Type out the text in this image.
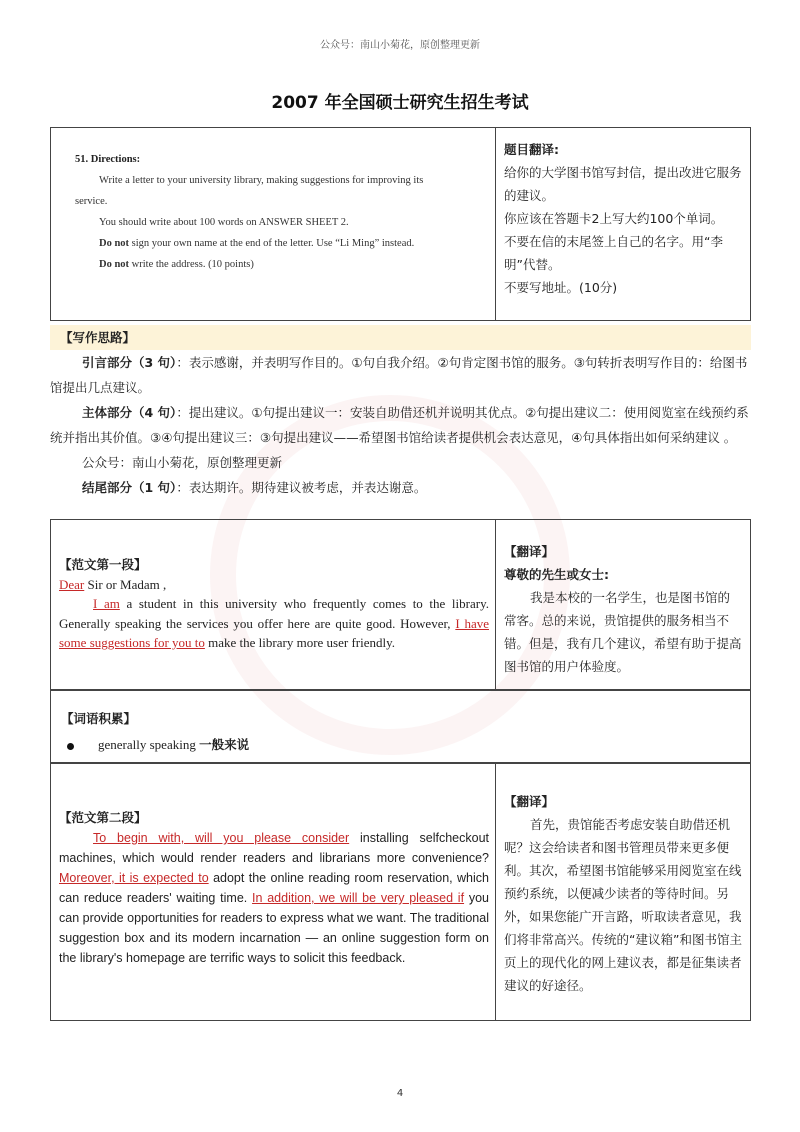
公众号：南山小菊花，原创整理更新
2007 年全国硕士研究生招生考试
51. Directions:
Write a letter to your university library, making suggestions for improving its
service.
You should write about 100 words on ANSWER SHEET 2.
Do not sign your own name at the end of the letter. Use “Li Ming” instead.
Do not write the address. (10 points)

题目翻译:
给你的大学图书馆写封信，提出改进它服务的建议。
你应该在答题卡2上写大约100个单词。
不要在信的末尾签上自己的名字。用“李明”代替。
不要写地址。(10分)
【写作思路】

引言部分（3 句）：表示感谢，并表明写作目的。①句自我介绍。②句肯定图书馆的服务。③句转折表明写作目的：给图书馆提出几点建议。

主体部分（4 句）：提出建议。①句提出建议一：安装自助借还机并说明其优点。②句提出建议二：使用阅览室在线预约系统并指出其价值。③④句提出建议三：③句提出建议——希望图书馆给读者提供机会表达意见，④句具体指出如何采纳建议 。

公众号：南山小菊花，原创整理更新

结尾部分（1 句）：表达期许。期待建议被考虑，并表达谢意。

【范文第一段】
Dear Sir or Madam ,

I am a student in this university who frequently comes to the library. Generally speaking the services you offer here are quite good. However, I have some suggestions for you to make the library more user friendly.

【翻译】
尊敬的先生或女士:

我是本校的一名学生，也是图书馆的常客。总的来说，贵馆提供的服务相当不错。但是，我有几个建议，希望有助于提高图书馆的用户体验度。

【词语积累】
generally speaking 一般来说
【范文第二段】

To begin with, will you please consider installing selfcheckout machines, which would render readers and librarians more convenience? Moreover, it is expected to adopt the online reading room reservation, which can reduce readers' waiting time. In addition, we will be very pleased if you can provide opportunities for readers to express what we want. The traditional suggestion box and its modern incarnation — an online suggestion form on the library's homepage are terrific ways to solicit this feedback.

【翻译】

首先，贵馆能否考虑安装自助借还机呢？这会给读者和图书管理员带来更多便利。其次，希望图书馆能够采用阅览室在线预约系统，以便减少读者的等待时间。另外，如果您能广开言路，听取读者意见，我们将非常高兴。传统的“建议箱”和图书馆主页上的现代化的网上建议表，都是征集读者建议的好途径。

4
